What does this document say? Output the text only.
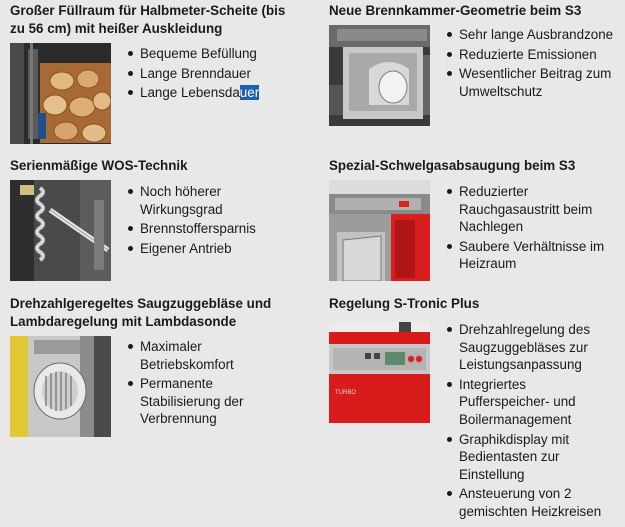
Großer Füllraum für Halbmeter-Scheite (bis zu 56 cm) mit heißer Auskleidung

Bequeme Befüllung
Lange Brenndauer
Lange Lebensdauer

Neue Brennkammer-Geometrie beim S3

Sehr lange Ausbrandzone
Reduzierte Emissionen
Wesentlicher Beitrag zum Umweltschutz

Serienmäßige WOS-Technik

Noch höherer Wirkungsgrad
Brennstoffersparnis
Eigener Antrieb

Spezial-Schwelgasabsaugung beim S3

Reduzierter Rauchgasaustritt beim Nachlegen
Saubere Verhältnisse im Heizraum

Drehzahlgeregeltes Saugzuggebläse und Lambdaregelung mit Lambdasonde

Maximaler Betriebskomfort
Permanente Stabilisierung der Verbrennung

Regelung S-Tronic Plus

TURBO
Drehzahlregelung des Saugzuggebläses zur Leistungsanpassung
Integriertes Pufferspeicher- und Boilermanagement
Graphikdisplay mit Bedientasten zur Einstellung
Ansteuerung von 2 gemischten Heizkreisen
